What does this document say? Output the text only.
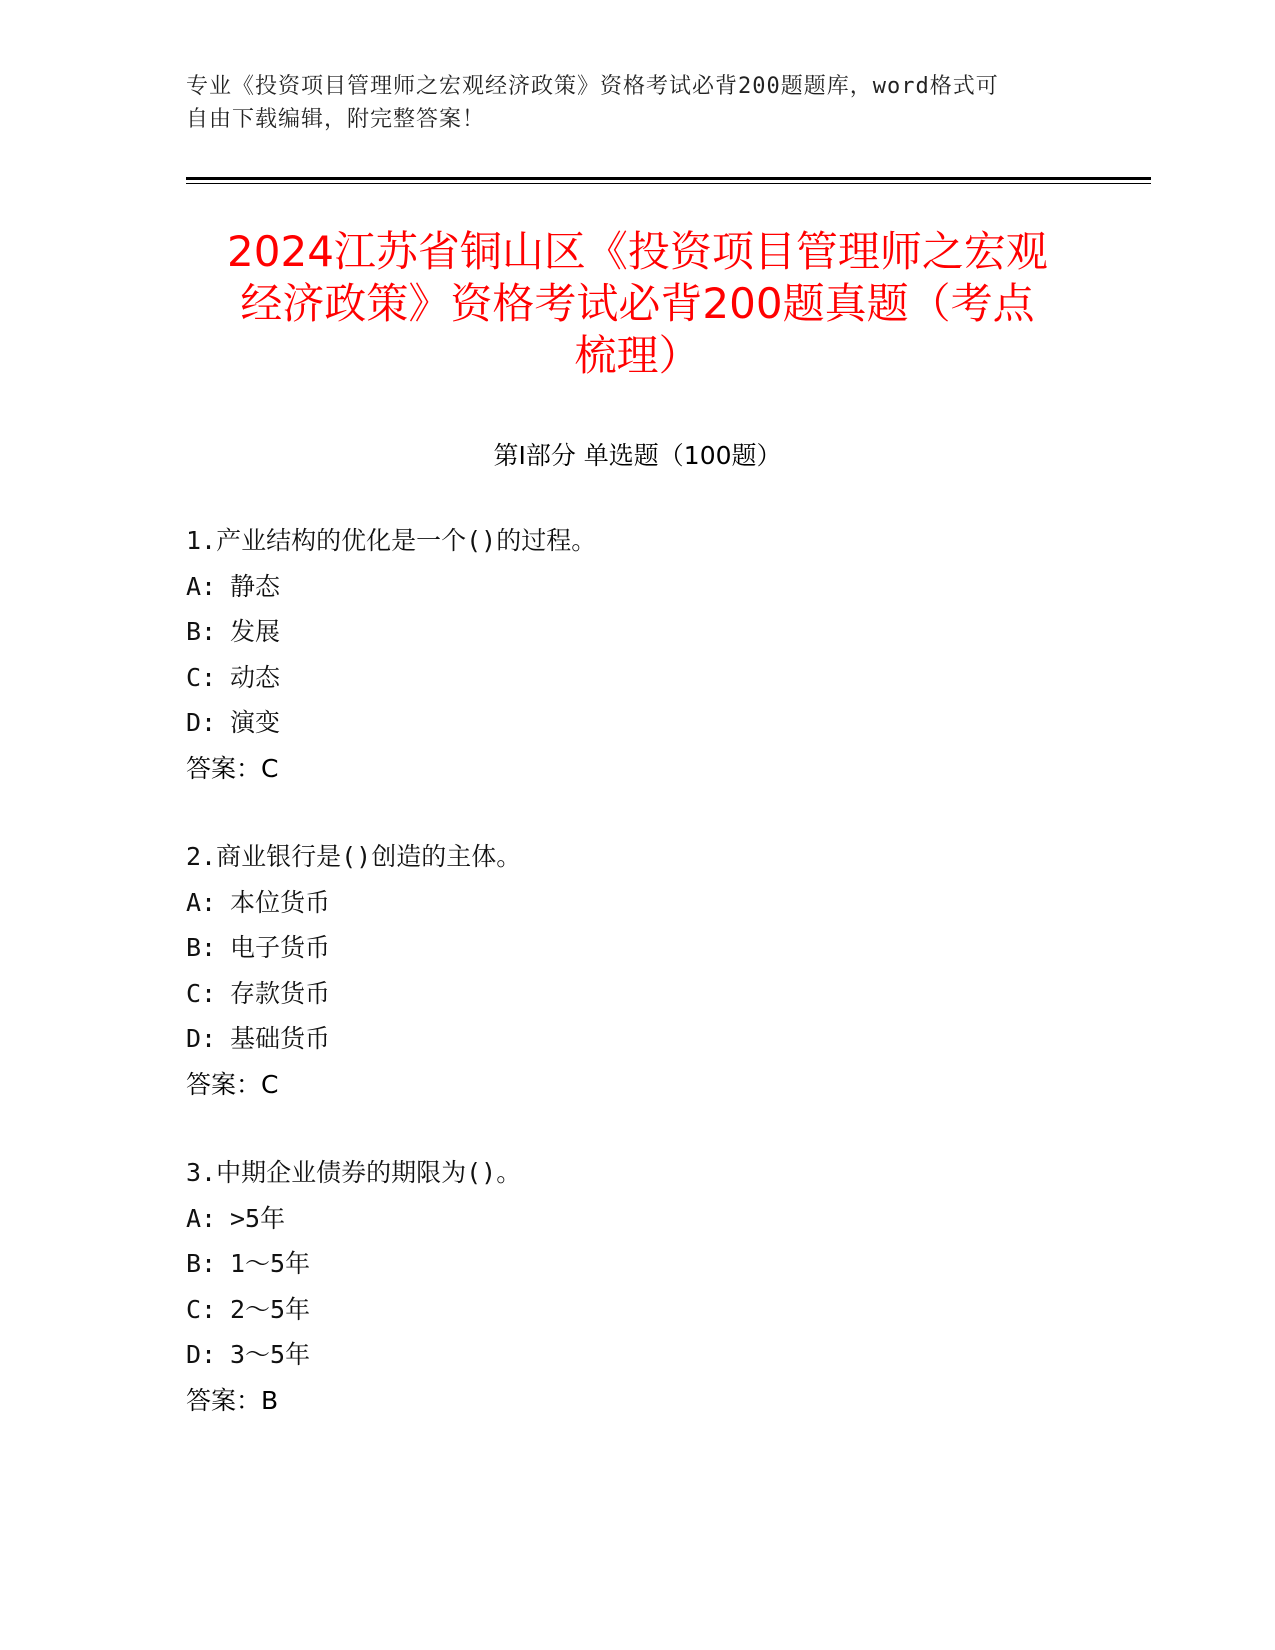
专业《投资项目管理师之宏观经济政策》资格考试必背200题题库，word格式可
自由下载编辑，附完整答案！
2024江苏省铜山区《投资项目管理师之宏观
经济政策》资格考试必背200题真题（考点
梳理）
第Ⅰ部分 单选题（100题）
1.产业结构的优化是一个()的过程。
A: 静态
B: 发展
C: 动态
D: 演变
答案：C
2.商业银行是()创造的主体。
A: 本位货币
B: 电子货币
C: 存款货币
D: 基础货币
答案：C
3.中期企业债券的期限为()。
A: >5年
B: 1～5年
C: 2～5年
D: 3～5年
答案：B
